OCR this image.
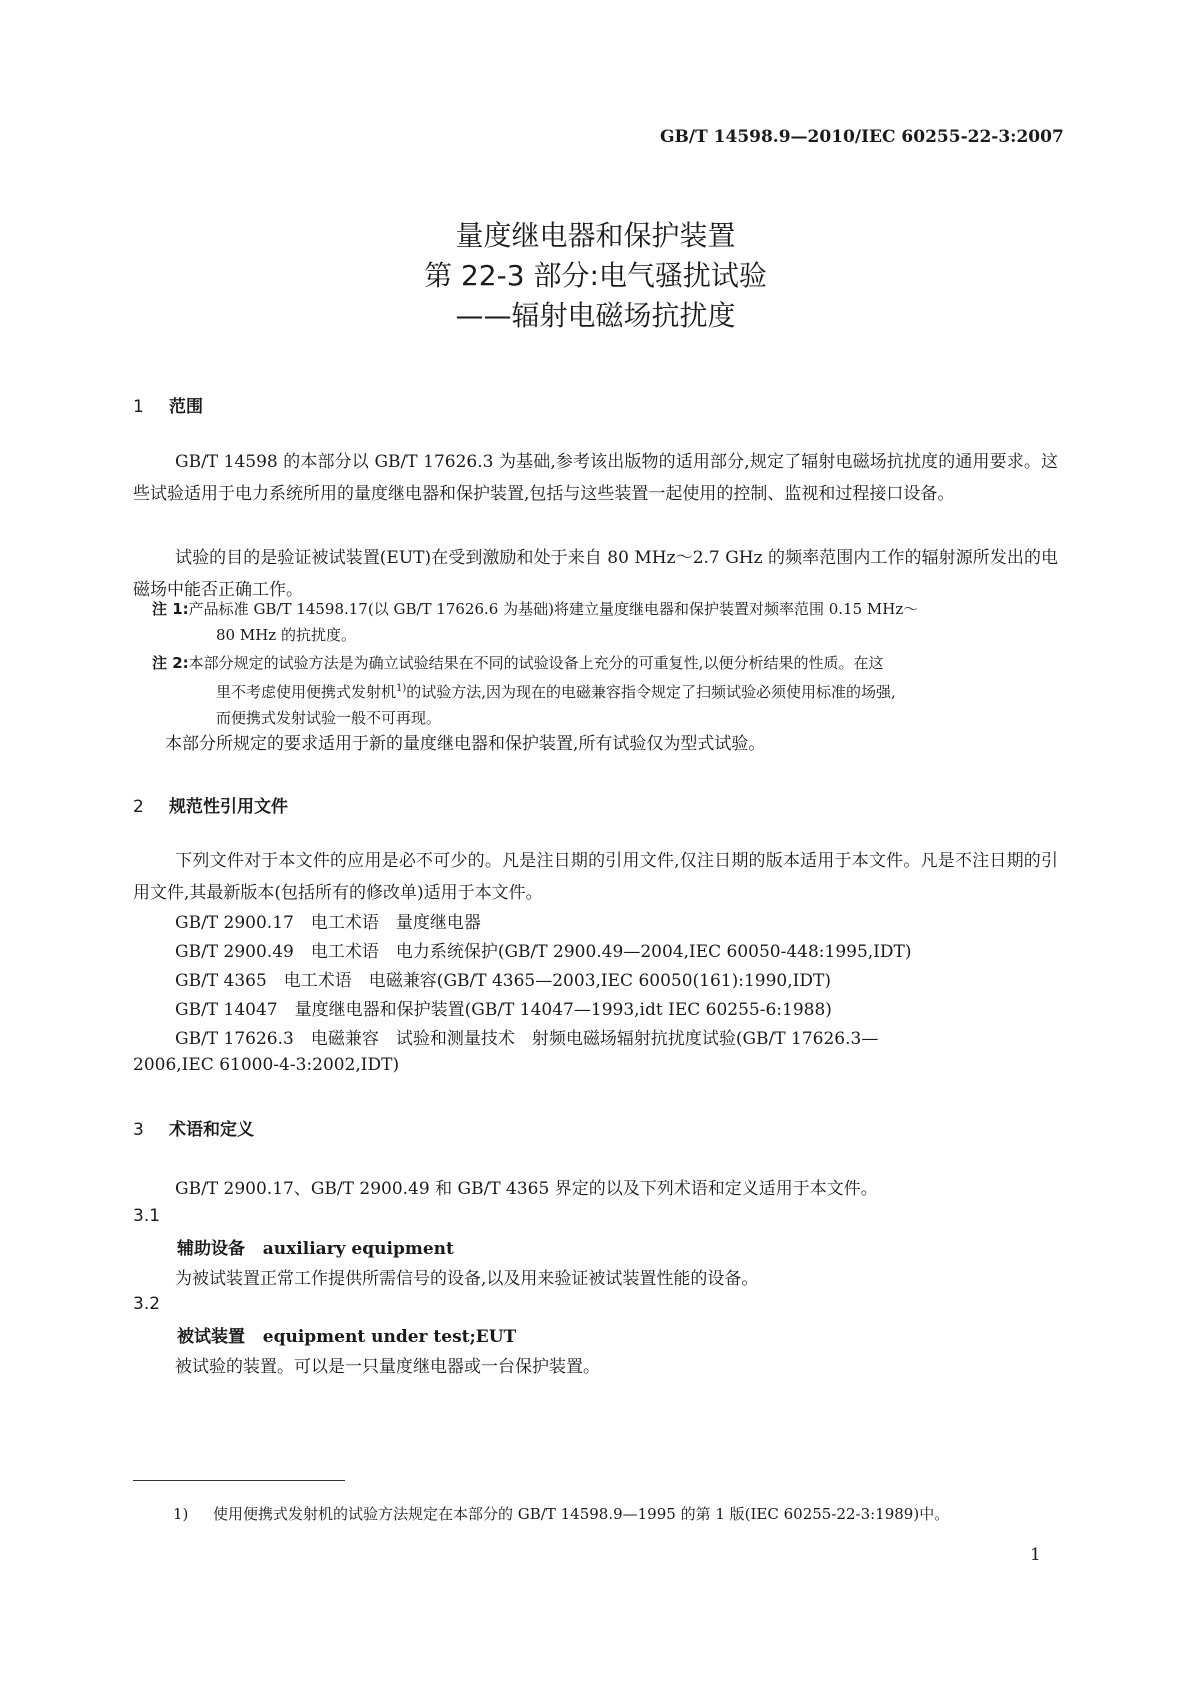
GB/T 14598.9—2010/IEC 60255-22-3:2007
量度继电器和保护装置
第 22-3 部分:电气骚扰试验
——辐射电磁场抗扰度
1 范围
GB/T 14598 的本部分以 GB/T 17626.3 为基础,参考该出版物的适用部分,规定了辐射电磁场抗扰度的通用要求。这些试验适用于电力系统所用的量度继电器和保护装置,包括与这些装置一起使用的控制、监视和过程接口设备。
试验的目的是验证被试装置(EUT)在受到激励和处于来自 80 MHz～2.7 GHz 的频率范围内工作的辐射源所发出的电磁场中能否正确工作。
注 1:产品标准 GB/T 14598.17(以 GB/T 17626.6 为基础)将建立量度继电器和保护装置对频率范围 0.15 MHz～
80 MHz 的抗扰度。
注 2:本部分规定的试验方法是为确立试验结果在不同的试验设备上充分的可重复性,以便分析结果的性质。在这
里不考虑使用便携式发射机$^{1)}$的试验方法,因为现在的电磁兼容指令规定了扫频试验必须使用标准的场强,
而便携式发射试验一般不可再现。
本部分所规定的要求适用于新的量度继电器和保护装置,所有试验仅为型式试验。
2 规范性引用文件
下列文件对于本文件的应用是必不可少的。凡是注日期的引用文件,仅注日期的版本适用于本文件。凡是不注日期的引用文件,其最新版本(包括所有的修改单)适用于本文件。
GB/T 2900.17　电工术语　量度继电器
GB/T 2900.49　电工术语　电力系统保护(GB/T 2900.49—2004,IEC 60050-448:1995,IDT)
GB/T 4365　电工术语　电磁兼容(GB/T 4365—2003,IEC 60050(161):1990,IDT)
GB/T 14047　量度继电器和保护装置(GB/T 14047—1993,idt IEC 60255-6:1988)
GB/T 17626.3　电磁兼容　试验和测量技术　射频电磁场辐射抗扰度试验(GB/T 17626.3—
2006,IEC 61000-4-3:2002,IDT)
3 术语和定义
GB/T 2900.17、GB/T 2900.49 和 GB/T 4365 界定的以及下列术语和定义适用于本文件。
3.1
辅助设备 auxiliary equipment
为被试装置正常工作提供所需信号的设备,以及用来验证被试装置性能的设备。
3.2
被试装置 equipment under test;EUT
被试验的装置。可以是一只量度继电器或一台保护装置。
1) 使用便携式发射机的试验方法规定在本部分的 GB/T 14598.9—1995 的第 1 版(IEC 60255-22-3:1989)中。
1
